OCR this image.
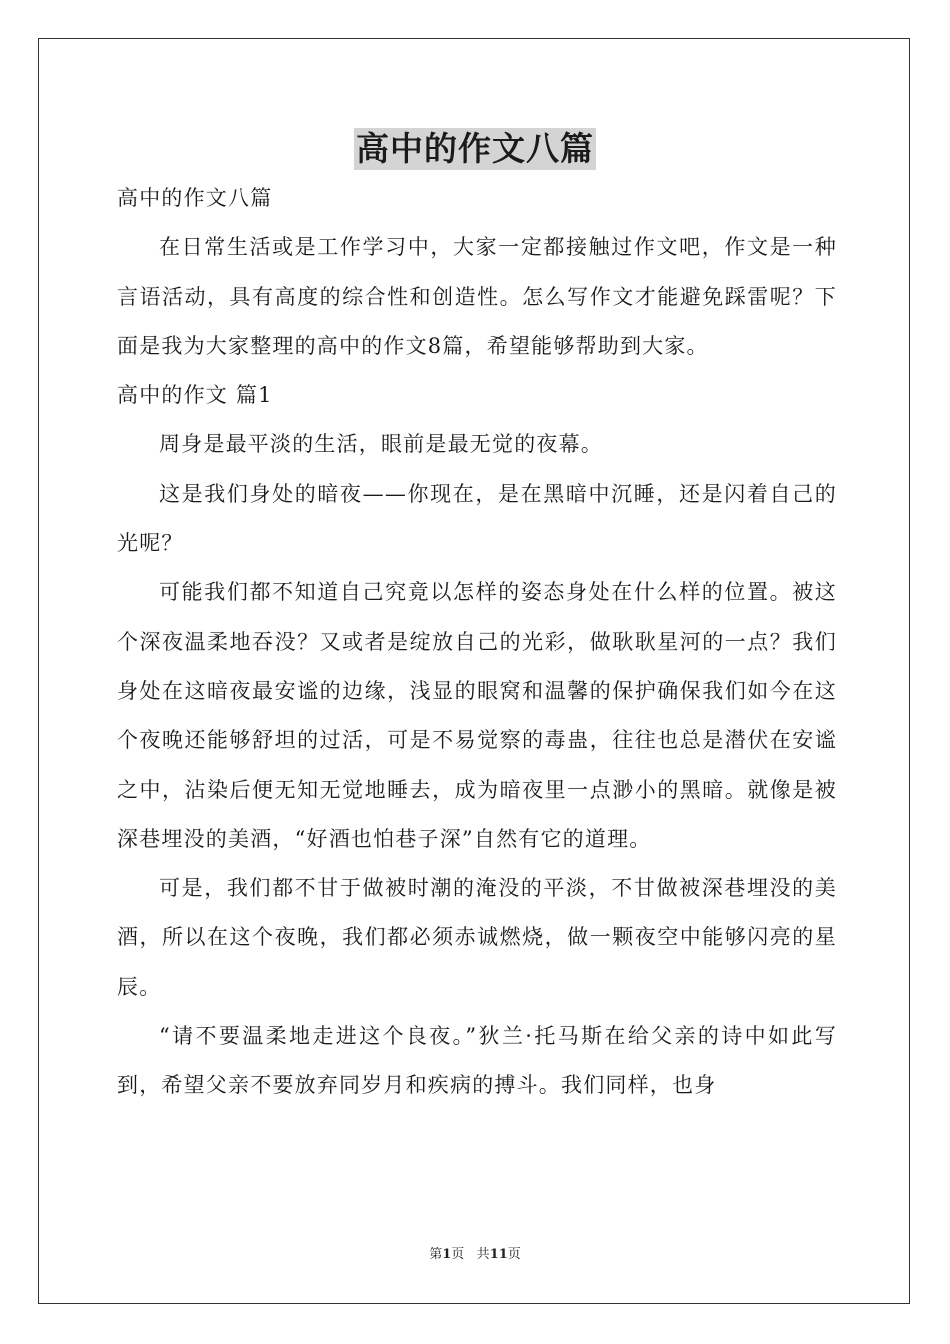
高中的作文八篇

高中的作文八篇

在日常生活或是工作学习中，大家一定都接触过作文吧，作文是一种言语活动，具有高度的综合性和创造性。怎么写作文才能避免踩雷呢？下面是我为大家整理的高中的作文8篇，希望能够帮助到大家。

高中的作文 篇1

周身是最平淡的生活，眼前是最无觉的夜幕。

这是我们身处的暗夜——你现在，是在黑暗中沉睡，还是闪着自己的光呢？

可能我们都不知道自己究竟以怎样的姿态身处在什么样的位置。被这个深夜温柔地吞没？又或者是绽放自己的光彩，做耿耿星河的一点？我们身处在这暗夜最安谧的边缘，浅显的眼窝和温馨的保护确保我们如今在这个夜晚还能够舒坦的过活，可是不易觉察的毒蛊，往往也总是潜伏在安谧之中，沾染后便无知无觉地睡去，成为暗夜里一点渺小的黑暗。就像是被深巷埋没的美酒，“好酒也怕巷子深”自然有它的道理。

可是，我们都不甘于做被时潮的淹没的平淡，不甘做被深巷埋没的美酒，所以在这个夜晚，我们都必须赤诚燃烧，做一颗夜空中能够闪亮的星辰。

“请不要温柔地走进这个良夜。”狄兰·托马斯在给父亲的诗中如此写到，希望父亲不要放弃同岁月和疾病的搏斗。我们同样，也身

第1页 共11页
